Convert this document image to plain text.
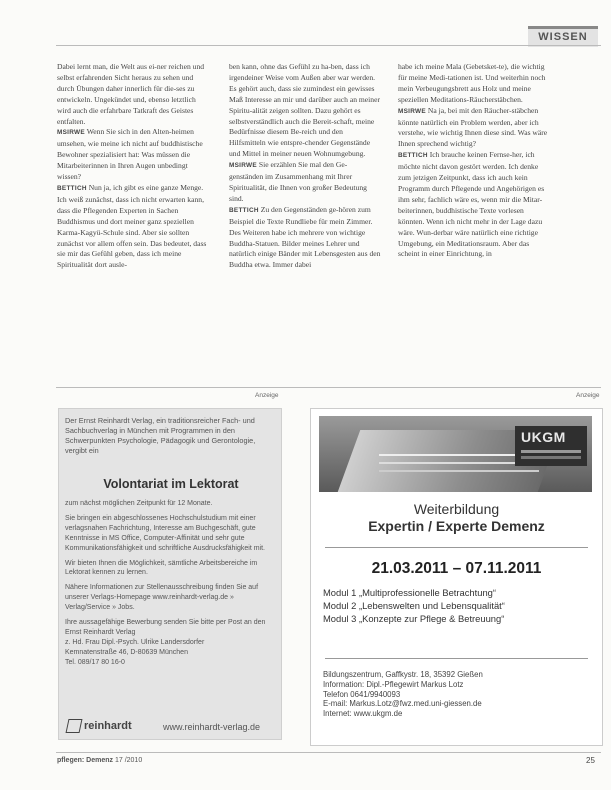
WISSEN

Dabei lernt man, die Welt aus ei-ner reichen und selbst erfahrenden Sicht heraus zu sehen und durch Übungen daher innerlich für die-ses zu entwickeln. Ungekündet und, ebenso letztlich wird auch die erfahrbare Tatkraft des Geistes entfalten.

MSIRWE Wenn Sie sich in den Alten-heimen umsehen, wie meine ich nicht auf buddhistische Bewohner spezialisiert hat: Was müssen die Mitarbeiterinnen in Ihren Augen unbedingt wissen?

BETTICH Nun ja, ich gibt es eine ganze Menge. Ich weiß zunächst, dass ich nicht erwarten kann, dass die Pflegenden Experten in Sachen Buddhismus und dort meiner ganz speziellen Karma-Kagyü-Schule sind. Aber sie sollten zunächst vor allem offen sein. Das bedeutet, dass sie mir das Gefühl geben, dass ich meine Spiritualität dort ausle-

ben kann, ohne das Gefühl zu ha-ben, dass ich irgendeiner Weise vom Außen aber war werden. Es gehört auch, dass sie zumindest ein gewisses Maß Interesse an mir und darüber auch an meiner Spiritu-alität zeigen sollten. Dazu gehört es selbstverständlich auch die Bereit-schaft, meine Bedürfnisse diesem Be-reich und den Hilfsmitteln wie entspre-chender Gegenstände und Mittel in meiner neuen Wohnumgebung.

MSIRWE Sie erzählen Sie mal den Ge-genständen im Zusammenhang mit Ihrer Spiritualität, die Ihnen von großer Bedeutung sind.

BETTICH Zu den Gegenständen ge-hören zum Beispiel die Texte Rundliebe für mein Zimmer. Des Weiteren habe ich mehrere von wichtige Buddha-Statuen. Bilder meines Lehrer und natürlich einige Bänder mit Lebensgesten aus den Buddha etwa. Immer dabei

habe ich meine Mala (Gebetsket-te), die wichtig für meine Medi-tationen ist. Und weiterhin noch mein Verbeugungsbrett aus Holz und meine speziellen Meditations-Räucherstäbchen.

MSIRWE Na ja, bei mit den Räucher-stäbchen könnte natürlich ein Problem werden, aber ich verstehe, wie wichtig Ihnen diese sind. Was wäre Ihnen sprechend wichtig?

BETTICH Ich brauche keinen Fernse-her, ich möchte nicht davon gestört werden. Ich denke zum jetzigen Zeitpunkt, dass ich auch kein Programm durch Pflegende und Angehörigen es ihm sehr, fachlich wäre es, wenn mir die Mitar-beiterinnen, buddhistische Texte vorlesen könnten. Wenn ich nicht mehr in der Lage dazu wäre. Wun-derbar wäre natürlich eine richtige Umgebung, ein Meditationsraum. Aber das scheint in einer Einrichtung, in

Anzeige	Anzeige
Der Ernst Reinhardt Verlag, ein traditionsreicher Fach- und Sachbuchverlag in München mit Programmen in den Schwerpunkten Psychologie, Pädagogik und Gerontologie, vergibt ein
Volontariat im Lektorat

zum nächst möglichen Zeitpunkt für 12 Monate.

Sie bringen ein abgeschlossenes Hochschulstudium mit einer verlagsnahen Fachrichtung, Interesse am Buchgeschäft, gute Kenntnisse in MS Office, Computer-Affinität und sehr gute Kommunikationsfähigkeit und schriftliche Ausdrucksfähigkeit mit.

Wir bieten Ihnen die Möglichkeit, sämtliche Arbeitsbereiche im Lektorat kennen zu lernen.

Nähere Informationen zur Stellenausschreibung finden Sie auf unserer Verlags-Homepage www.reinhardt-verlag.de » Verlag/Service » Jobs.

Ihre aussagefähige Bewerbung senden Sie bitte per Post an den

Ernst Reinhardt Verlag
z. Hd. Frau Dipl.-Psych. Ulrike Landersdorfer
Kemnatenstraße 46, D-80639 München
Tel. 089/17 80 16-0

reinhardt	www.reinhardt-verlag.de
UKGM
Weiterbildung
Expertin / Experte Demenz
21.03.2011 – 07.11.2011
Modul 1 „Multiprofessionelle Betrachtung“
Modul 2 „Lebenswelten und Lebensqualität“
Modul 3 „Konzepte zur Pflege & Betreuung“
Bildungszentrum, Gaffkystr. 18, 35392 Gießen
Information: Dipl.-Pflegewirt Markus Lotz
Telefon 0641/9940093
E-mail: Markus.Lotz@fwz.med.uni-giessen.de
Internet: www.ukgm.de
pflegen: Demenz 17 /2010	25
